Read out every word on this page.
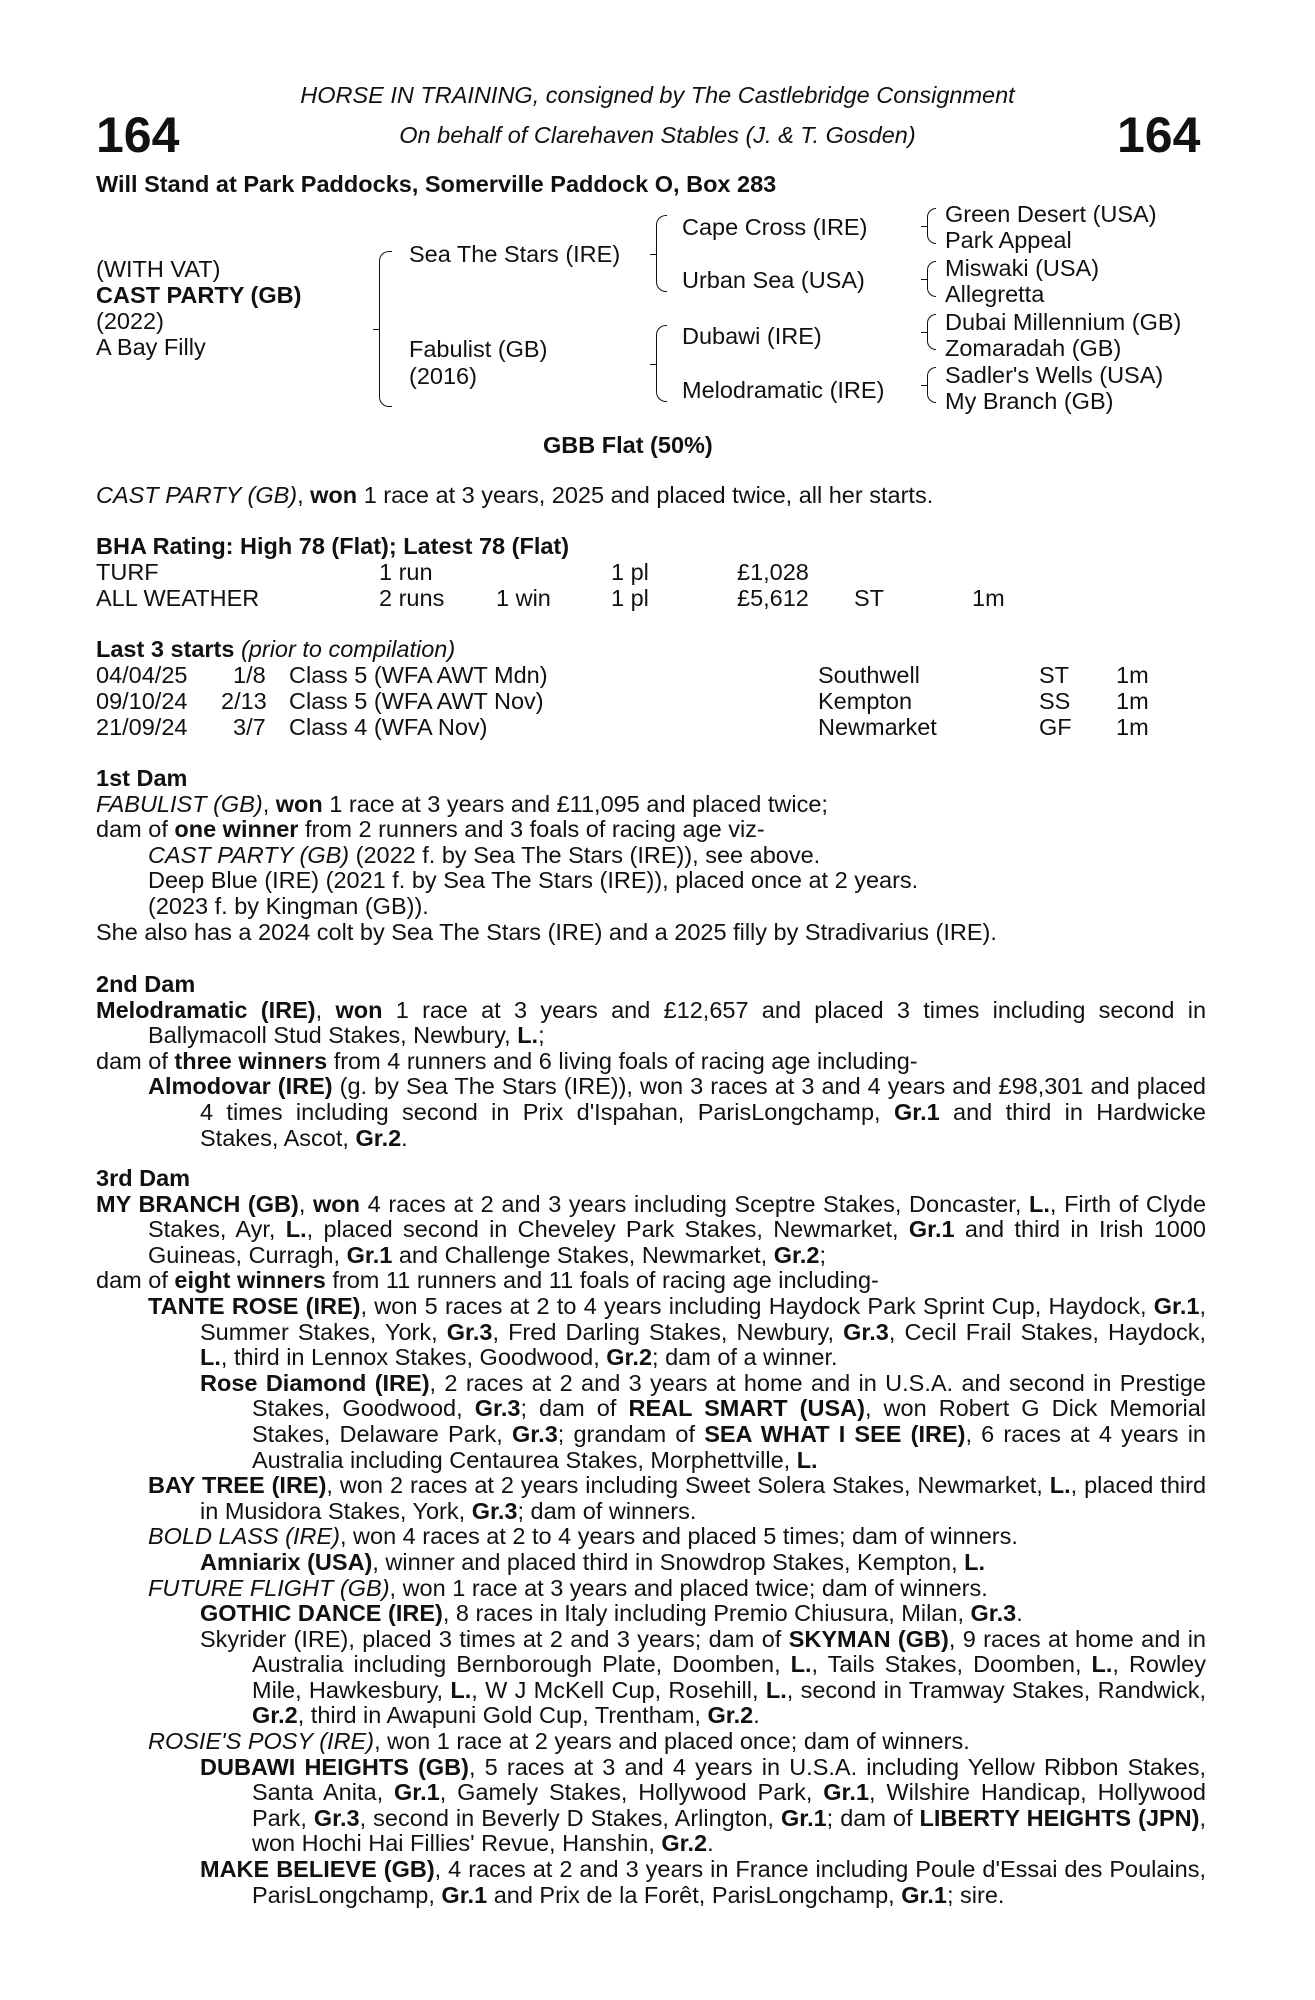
164	164
HORSE IN TRAINING, consigned by The Castlebridge Consignment
On behalf of Clarehaven Stables (J. & T. Gosden)
Will Stand at Park Paddocks, Somerville Paddock O, Box 283
(WITH VAT)
CAST PARTY (GB)
(2022)
A Bay Filly
Sea The Stars (IRE)
Fabulist (GB)
(2016)
Cape Cross (IRE)
Urban Sea (USA)
Dubawi (IRE)
Melodramatic (IRE)
Green Desert (USA)
Park Appeal
Miswaki (USA)
Allegretta
Dubai Millennium (GB)
Zomaradah (GB)
Sadler's Wells (USA)
My Branch (GB)
GBB Flat (50%)
CAST PARTY (GB), won 1 race at 3 years, 2025 and placed twice, all her starts.
BHA Rating: High 78 (Flat); Latest 78 (Flat)
TURF	1 run	1 pl	£1,028
ALL WEATHER	2 runs 1 win	1 pl	£5,612 ST	1m
Last 3 starts (prior to compilation)
04/04/25 1/8 Class 5 (WFA AWT Mdn)	Southwell	ST 1m
09/10/24 2/13 Class 5 (WFA AWT Nov)	Kempton	SS 1m
21/09/24 3/7 Class 4 (WFA Nov)	Newmarket	GF 1m

1st Dam

FABULIST (GB), won 1 race at 3 years and £11,095 and placed twice;

dam of one winner from 2 runners and 3 foals of racing age viz-

CAST PARTY (GB) (2022 f. by Sea The Stars (IRE)), see above.

Deep Blue (IRE) (2021 f. by Sea The Stars (IRE)), placed once at 2 years.

(2023 f. by Kingman (GB)).

She also has a 2024 colt by Sea The Stars (IRE) and a 2025 filly by Stradivarius (IRE).

2nd Dam

Melodramatic (IRE), won 1 race at 3 years and £12,657 and placed 3 times including second in Ballymacoll Stud Stakes, Newbury, L.;

dam of three winners from 4 runners and 6 living foals of racing age including-

Almodovar (IRE) (g. by Sea The Stars (IRE)), won 3 races at 3 and 4 years and £98,301 and placed 4 times including second in Prix d'Ispahan, ParisLongchamp, Gr.1 and third in Hardwicke Stakes, Ascot, Gr.2.

3rd Dam

MY BRANCH (GB), won 4 races at 2 and 3 years including Sceptre Stakes, Doncaster, L., Firth of Clyde Stakes, Ayr, L., placed second in Cheveley Park Stakes, Newmarket, Gr.1 and third in Irish 1000 Guineas, Curragh, Gr.1 and Challenge Stakes, Newmarket, Gr.2;

dam of eight winners from 11 runners and 11 foals of racing age including-

TANTE ROSE (IRE), won 5 races at 2 to 4 years including Haydock Park Sprint Cup, Haydock, Gr.1, Summer Stakes, York, Gr.3, Fred Darling Stakes, Newbury, Gr.3, Cecil Frail Stakes, Haydock, L., third in Lennox Stakes, Goodwood, Gr.2; dam of a winner.

Rose Diamond (IRE), 2 races at 2 and 3 years at home and in U.S.A. and second in Prestige Stakes, Goodwood, Gr.3; dam of REAL SMART (USA), won Robert G Dick Memorial Stakes, Delaware Park, Gr.3; grandam of SEA WHAT I SEE (IRE), 6 races at 4 years in Australia including Centaurea Stakes, Morphettville, L.

BAY TREE (IRE), won 2 races at 2 years including Sweet Solera Stakes, Newmarket, L., placed third in Musidora Stakes, York, Gr.3; dam of winners.

BOLD LASS (IRE), won 4 races at 2 to 4 years and placed 5 times; dam of winners.

Amniarix (USA), winner and placed third in Snowdrop Stakes, Kempton, L.

FUTURE FLIGHT (GB), won 1 race at 3 years and placed twice; dam of winners.

GOTHIC DANCE (IRE), 8 races in Italy including Premio Chiusura, Milan, Gr.3.

Skyrider (IRE), placed 3 times at 2 and 3 years; dam of SKYMAN (GB), 9 races at home and in Australia including Bernborough Plate, Doomben, L., Tails Stakes, Doomben, L., Rowley Mile, Hawkesbury, L., W J McKell Cup, Rosehill, L., second in Tramway Stakes, Randwick, Gr.2, third in Awapuni Gold Cup, Trentham, Gr.2.

ROSIE'S POSY (IRE), won 1 race at 2 years and placed once; dam of winners.

DUBAWI HEIGHTS (GB), 5 races at 3 and 4 years in U.S.A. including Yellow Ribbon Stakes, Santa Anita, Gr.1, Gamely Stakes, Hollywood Park, Gr.1, Wilshire Handicap, Hollywood Park, Gr.3, second in Beverly D Stakes, Arlington, Gr.1; dam of LIBERTY HEIGHTS (JPN), won Hochi Hai Fillies' Revue, Hanshin, Gr.2.

MAKE BELIEVE (GB), 4 races at 2 and 3 years in France including Poule d'Essai des Poulains, ParisLongchamp, Gr.1 and Prix de la Forêt, ParisLongchamp, Gr.1; sire.
